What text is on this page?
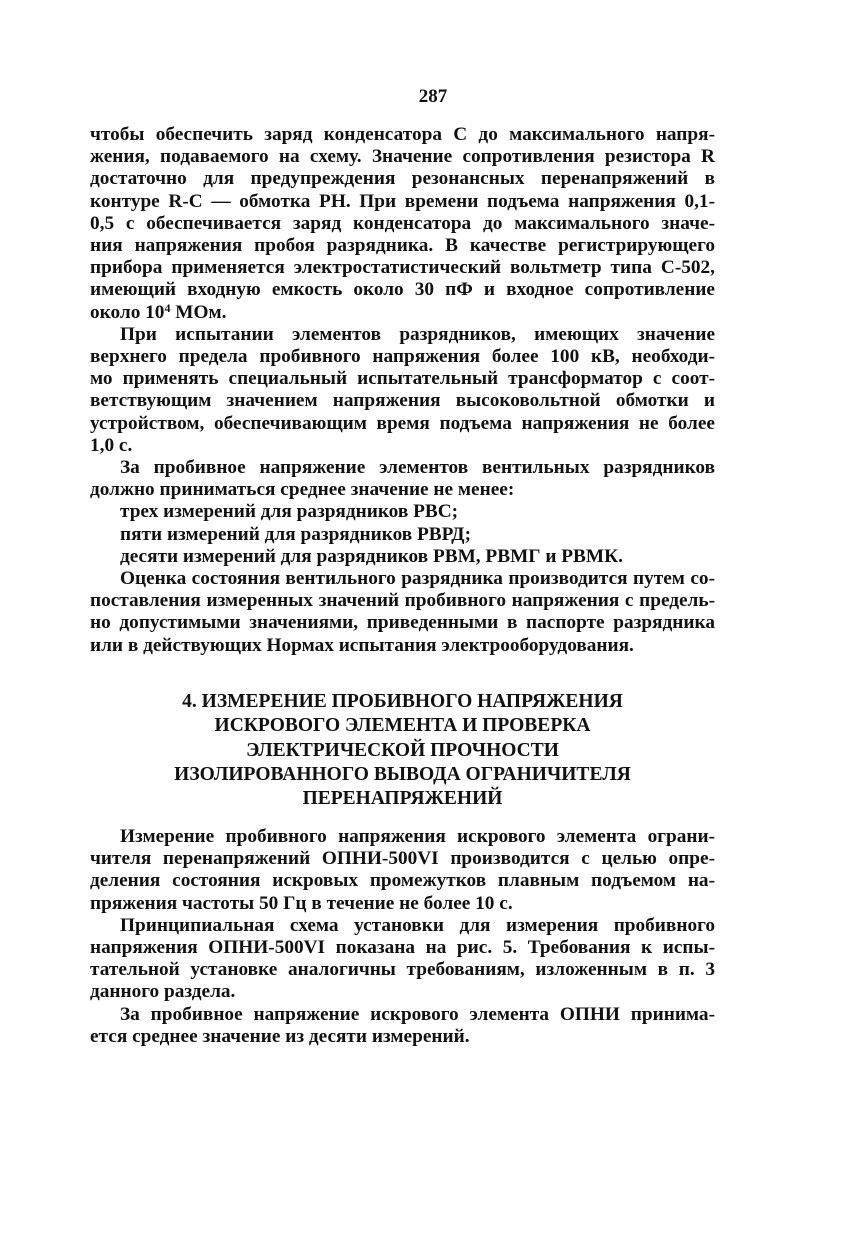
287
чтобы обеспечить заряд конденсатора С до максимального напря-
жения, подаваемого на схему. Значение сопротивления резистора R
достаточно для предупреждения резонансных перенапряжений в
контуре R-C — обмотка РН. При времени подъема напряжения 0,1-
0,5 с обеспечивается заряд конденсатора до максимального значе-
ния напряжения пробоя разрядника. В качестве регистрирующего
прибора применяется электростатистический вольтметр типа С-502,
имеющий входную емкость около 30 пФ и входное сопротивление
около $10^4$ МОм.
При испытании элементов разрядников, имеющих значение
верхнего предела пробивного напряжения более 100 кВ, необходи-
мо применять специальный испытательный трансформатор с соот-
ветствующим значением напряжения высоковольтной обмотки и
устройством, обеспечивающим время подъема напряжения не более
1,0 с.
За пробивное напряжение элементов вентильных разрядников
должно приниматься среднее значение не менее:
трех измерений для разрядников РВС;
пяти измерений для разрядников РВРД;
десяти измерений для разрядников РВМ, РВМГ и РВМК.
Оценка состояния вентильного разрядника производится путем со-
поставления измеренных значений пробивного напряжения с предель-
но допустимыми значениями, приведенными в паспорте разрядника
или в действующих Нормах испытания электрооборудования.
4. ИЗМЕРЕНИЕ ПРОБИВНОГО НАПРЯЖЕНИЯ
ИСКРОВОГО ЭЛЕМЕНТА И ПРОВЕРКА
ЭЛЕКТРИЧЕСКОЙ ПРОЧНОСТИ
ИЗОЛИРОВАННОГО ВЫВОДА ОГРАНИЧИТЕЛЯ
ПЕРЕНАПРЯЖЕНИЙ
Измерение пробивного напряжения искрового элемента ограни-
чителя перенапряжений ОПНИ-500VI производится с целью опре-
деления состояния искровых промежутков плавным подъемом на-
пряжения частоты 50 Гц в течение не более 10 с.
Принципиальная схема установки для измерения пробивного
напряжения ОПНИ-500VI показана на рис. 5. Требования к испы-
тательной установке аналогичны требованиям, изложенным в п. 3
данного раздела.
За пробивное напряжение искрового элемента ОПНИ принима-
ется среднее значение из десяти измерений.
